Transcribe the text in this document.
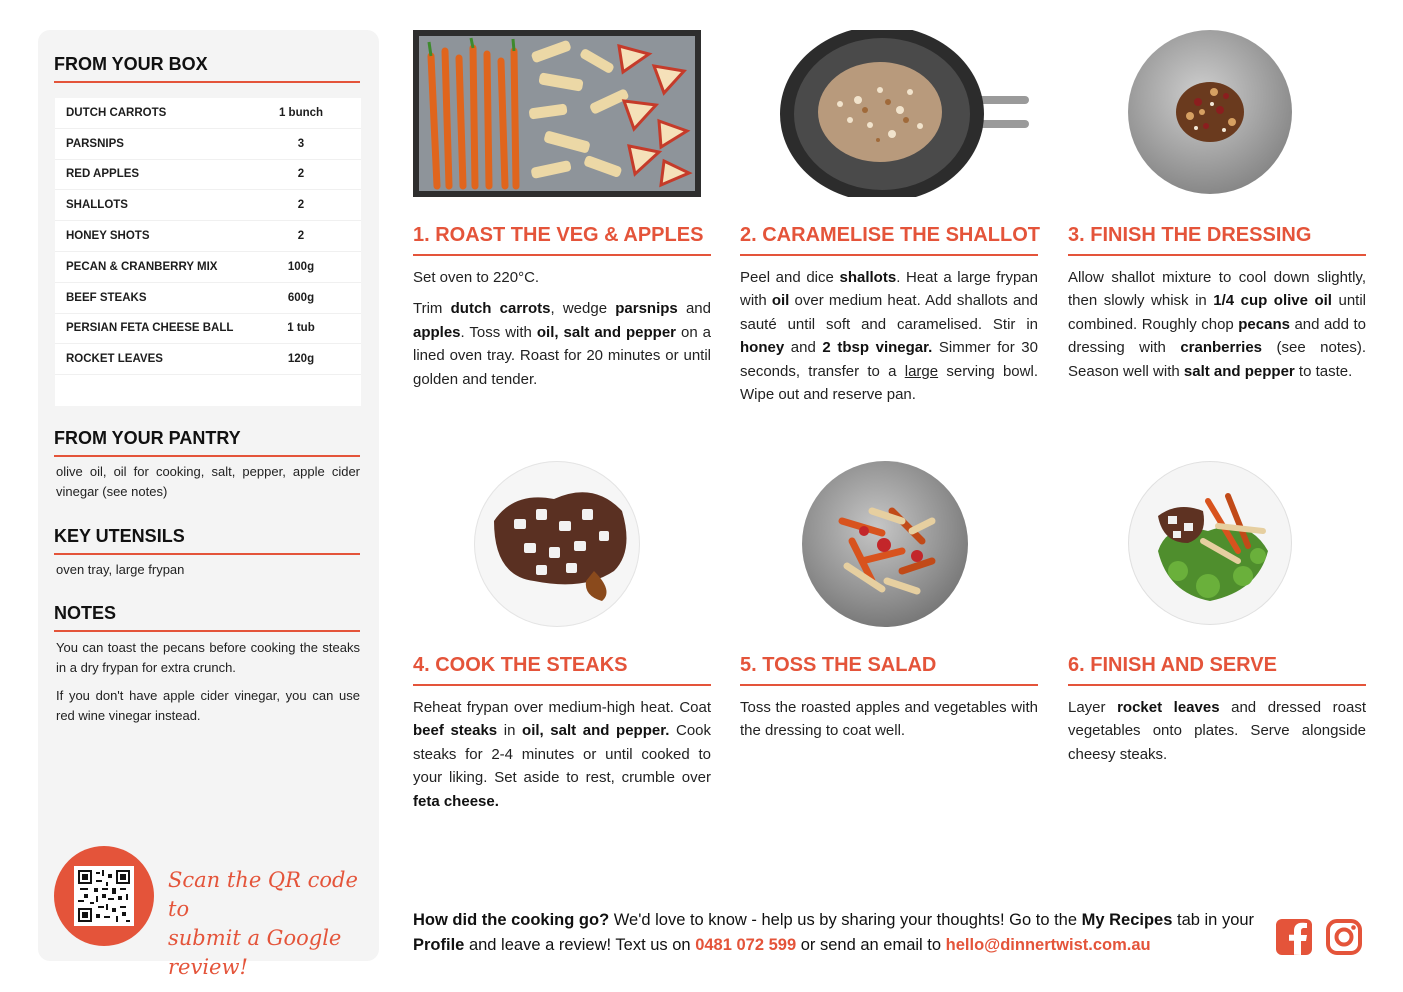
FROM YOUR BOX
DUTCH CARROTS	1 bunch
PARSNIPS	3
RED APPLES	2
SHALLOTS	2
HONEY SHOTS	2
PECAN & CRANBERRY MIX	100g
BEEF STEAKS	600g
PERSIAN FETA CHEESE BALL	1 tub
ROCKET LEAVES	120g
FROM YOUR PANTRY
olive oil, oil for cooking, salt, pepper, apple cider vinegar (see notes)
KEY UTENSILS
oven tray, large frypan
NOTES
You can toast the pecans before cooking the steaks in a dry frypan for extra crunch.
If you don't have apple cider vinegar, you can use red wine vinegar instead.
Scan the QR code to
submit a Google review!
1. ROAST THE VEG & APPLES	2. CARAMELISE THE SHALLOT 3. FINISH THE DRESSING
4. COOK THE STEAKS	5. TOSS THE SALAD	6. FINISH AND SERVE

Set oven to 220°C.

Trim dutch carrots, wedge parsnips and apples. Toss with oil, salt and pepper on a lined oven tray. Roast for 20 minutes or until golden and tender.

Peel and dice shallots. Heat a large frypan with oil over medium heat. Add shallots and sauté until soft and caramelised. Stir in honey and 2 tbsp vinegar. Simmer for 30 seconds, transfer to a large serving bowl. Wipe out and reserve pan.

Allow shallot mixture to cool down slightly, then slowly whisk in 1/4 cup olive oil until combined. Roughly chop pecans and add to dressing with cranberries (see notes). Season well with salt and pepper to taste.

Reheat frypan over medium-high heat. Coat beef steaks in oil, salt and pepper. Cook steaks for 2-4 minutes or until cooked to your liking. Set aside to rest, crumble over feta cheese.

Toss the roasted apples and vegetables with the dressing to coat well.

Layer rocket leaves and dressed roast vegetables onto plates. Serve alongside cheesy steaks.

How did the cooking go? We'd love to know - help us by sharing your thoughts! Go to the My Recipes tab in your Profile and leave a review! Text us on 0481 072 599 or send an email to hello@dinnertwist.com.au
